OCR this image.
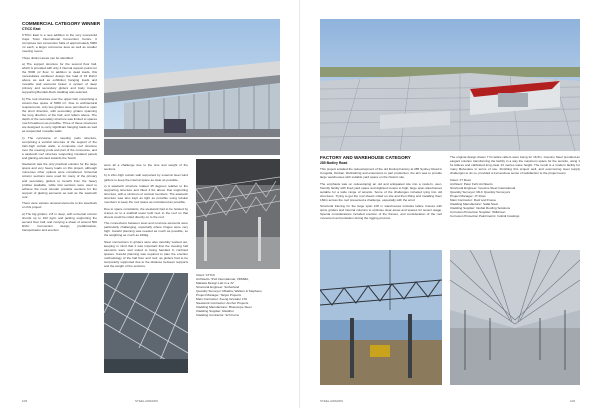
COMMERCIAL CATEGORY WINNER
CTICC East

CTICC East is a new addition to the very successful Cape Town International Convention Centre. It comprises two convention halls of approximately 5000 m² each, a larger concourse area as well as smaller meeting rooms.

Three distinct areas can be identified:

a) The support structure for the second floor hall, which is provided with only 4 internal support points for the 5000 m² floor. In addition to dead loads, this necessitates cantilever design live load of 15 kN/m² above as well as exhibition hanging loads and movable wall elements below. A system of deep primary and secondary girders and body trusses supporting Bondek-Deck cladding was selected.

b) The roof structure over the upper hall, comprising a column-free space of 5000 m². Due to architectural requirements, only two girders were permitted to span the short direction, with secondary girders spanning the long direction of the hall, and rafters above. The depth of the secondary structure was limited to spaces much headroom as possible. Three of these structures are designed to carry significant hanging loads as well as suspended movable walls.

c) The concourse of meeting pods structure, comprising a vertical structure of the support of the 22m-high curtain walls, a composite roof structure over the meeting pods and part of the concourse, and a sawtooth roof structure supporting insulated panels and glazing oriented towards the South.

Steelwork was the only practical solution for the large spans and very heavy loads on this project, although numerous other options were considered. Universal column sections were used for many of the primary and secondary girders to benefit from the heavy profiles available, while trial sections were used to achieve the most slender possible sections for the support of glazing elements as well as the sawtooth roof.

There were various unusual elements to the steelwork on this project:

a) The big girders: 2.8 m deep, with universal column chords up to 162 kg/m and jacking supporting the second floor hall, and carrying a shear of around 500 kN/m. Connection design, prefabrication, transportation and erection

were all a challenge due to the size and weight of the sections.

b) A 22m-high curtain wall supported by external steel wind girders to keep the internal space as clear as possible.

c) A sawtooth structure rotated 45 degrees relative to the supporting structure and tilted 3.4m above that supporting structure, with a minimum of vertical members. The sawtooth structure was also kept as light as possible using tubular members to keep the roof space as uncluttered as possible.

Due to space constraints, the steelwork had to be hoisted by cranes on to a scaffold tower built next to the roof so that sheets could be rolled directly on to the roof.

The connections between steel and concrete elements were particularly challenging, especially where hinges were very high. Careful planning was needed as much as possible, so the weighting as much as 160kg.

Steel connections in girders were also carefully worked out, keeping in mind that it was important that the meeting hall elements were well suited to being handled in confined spaces. Careful planning was required to plan the erection methodology of the hall floor and roof, as girders had to be temporarily supported due to the distance between supports and the weight of the sections.

Client: CTICC
Architects: SVA International, VDMMA,
Makeka Design Lab in a JV
Structural Engineer: Sutherland
Quantity Surveyor: Mbatha, Walters & Stephens
Project Manager: Target Projects
Main Contractor: Aveng Grinaker LTA
Steelwork Contractor: Anchor Projects
Cladding Manufacturer: Bluescope Steel
Cladding Supplier: Maxithel
Cladding Contractor: Sch Ferra
108	STEEL AWARDS
FACTORY AND WAREHOUSE CATEGORY
285 Bodley Road

This project entailed the redevelopment of the old Dunlop Factory at 285 Sydney Road in Congella, Durban. Refinishing and extensions to part production, the aim was to provide large warehouses with suitable yard space on the historic site.

The emphasis was on redeveloping an old and antiquated site into a modern, user-friendly facility with fixed yard space and digitised means to high, large span warehouses suitable for a wide range of tenants. Some of the challenges included tying into old structures. Trying to get the roof sheets rolled on site and then lifting and installing them 160m across the roof presented a challenge, especially with the wind.

Structural framing for the large span 100 m warehouses includes lattice trusses with spine girders and internal columns to optimise clear areas and spaces for tenant usage. Special considerations included erection of the frames, and consideration of the roof movement and pulsation during the rigging process.

The original design drawn 7 hs lattice rafters were being for 16.5m. Cousins Steel provided an elegant solution transforming the facility in a way the maximum space for the tenants, using 1 hs lattices and calibrated long clear 13 metres wave height. The result is a modern facility for many Belvedere in terms of use. Finishing this project well, and overcoming steel supply challenges to do so, provided a tremendous sense of satisfaction to the project team.

Client: JT Ross
Architect: Peter Fehr Architects
Structural Engineer: Cousins Steel International
Quantity Surveyor: MLC Quantity Surveyors
Project Manager: JT Ross
Main Contractor: Roof and Frame
Cladding Manufacturer: Safal Steel
Cladding Supplier: Global Roofing Solutions
Corrosion Protection Supplier: Wilkinson
Corrosion Protection Paint/metric: Inobidi Coatings
STEEL AWARDS	109
